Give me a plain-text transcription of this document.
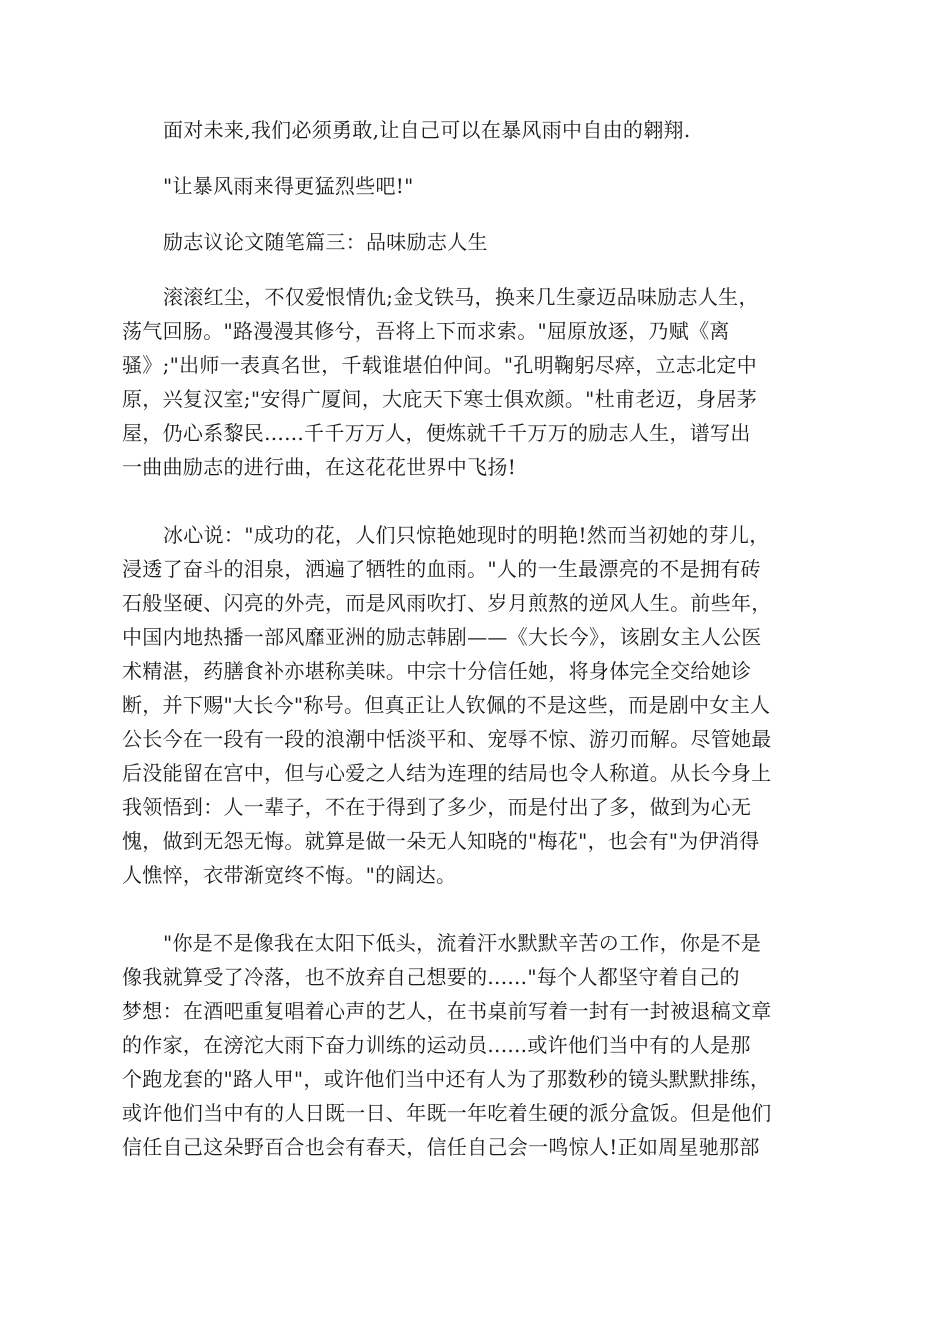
面对未来,我们必须勇敢,让自己可以在暴风雨中自由的翱翔.
"让暴风雨来得更猛烈些吧!"
励志议论文随笔篇三：品味励志人生
滚滚红尘，不仅爱恨情仇;金戈铁马，换来几生豪迈品味励志人生，
荡气回肠。"路漫漫其修兮，吾将上下而求索。"屈原放逐，乃赋《离
骚》;"出师一表真名世，千载谁堪伯仲间。"孔明鞠躬尽瘁，立志北定中
原，兴复汉室;"安得广厦间，大庇天下寒士俱欢颜。"杜甫老迈，身居茅
屋，仍心系黎民......千千万万人，便炼就千千万万的励志人生，谱写出
一曲曲励志的进行曲，在这花花世界中飞扬!
冰心说："成功的花，人们只惊艳她现时的明艳!然而当初她的芽儿，
浸透了奋斗的泪泉，洒遍了牺牲的血雨。"人的一生最漂亮的不是拥有砖
石般坚硬、闪亮的外壳，而是风雨吹打、岁月煎熬的逆风人生。前些年，
中国内地热播一部风靡亚洲的励志韩剧——《大长今》，该剧女主人公医
术精湛，药膳食补亦堪称美味。中宗十分信任她，将身体完全交给她诊
断，并下赐"大长今"称号。但真正让人钦佩的不是这些，而是剧中女主人
公长今在一段有一段的浪潮中恬淡平和、宠辱不惊、游刃而解。尽管她最
后没能留在宫中，但与心爱之人结为连理的结局也令人称道。从长今身上
我领悟到：人一辈子，不在于得到了多少，而是付出了多，做到为心无
愧，做到无怨无悔。就算是做一朵无人知晓的"梅花"，也会有"为伊消得
人憔悴，衣带渐宽终不悔。"的阔达。
"你是不是像我在太阳下低头，流着汗水默默辛苦の工作，你是不是
像我就算受了冷落，也不放弃自己想要的......"每个人都坚守着自己的
梦想：在酒吧重复唱着心声的艺人，在书桌前写着一封有一封被退稿文章
的作家，在滂沱大雨下奋力训练的运动员......或许他们当中有的人是那
个跑龙套的"路人甲"，或许他们当中还有人为了那数秒的镜头默默排练，
或许他们当中有的人日既一日、年既一年吃着生硬的派分盒饭。但是他们
信任自己这朵野百合也会有春天，信任自己会一鸣惊人!正如周星驰那部
